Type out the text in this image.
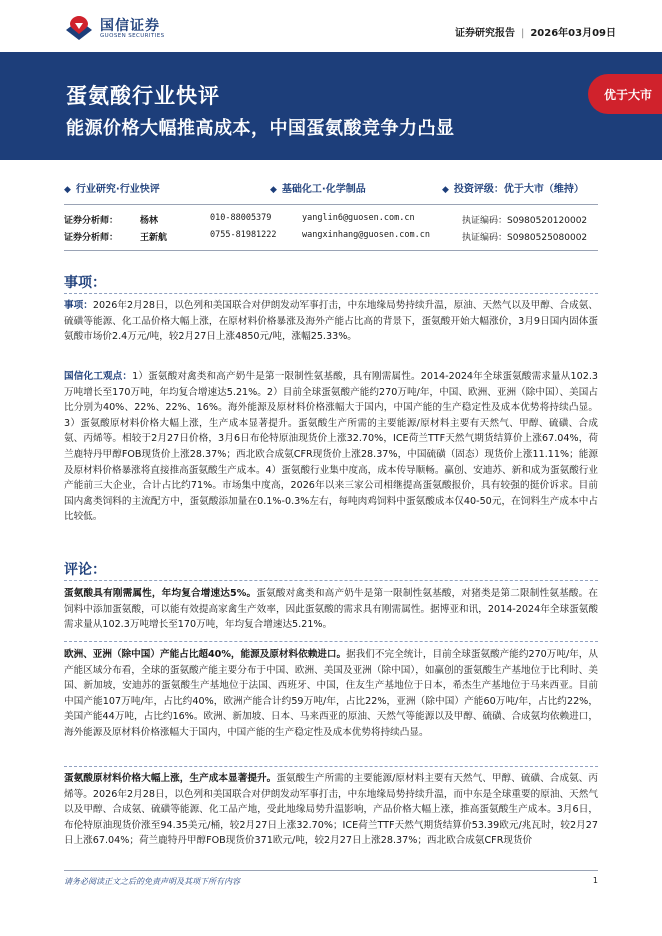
国信证券
GUOSEN SECURITIES	证券研究报告 | 2026年03月09日
蛋氨酸行业快评
能源价格大幅推高成本，中国蛋氨酸竞争力凸显
优于大市
◆ 行业研究·行业快评	◆ 基础化工·化学制品	◆ 投资评级：优于大市（维持）
证券分析师： 杨林	010-88005379	yanglin6@guosen.com.cn	执证编码：S0980520120002
证券分析师： 王新航	0755-81981222	wangxinhang@guosen.com.cn	执证编码：S0980525080002
事项：
事项：2026年2月28日，以色列和美国联合对伊朗发动军事打击，中东地缘局势持续升温，原油、天然气以及甲醇、合成氨、硫磺等能源、化工品价格大幅上涨，在原材料价格暴涨及海外产能占比高的背景下，蛋氨酸开始大幅涨价，3月9日国内固体蛋氨酸市场价2.4万元/吨，较2月27日上涨4850元/吨，涨幅25.33%。
国信化工观点：1）蛋氨酸对禽类和高产奶牛是第一限制性氨基酸，具有刚需属性。2014-2024年全球蛋氨酸需求量从102.3万吨增长至170万吨，年均复合增速达5.21%。2）目前全球蛋氨酸产能约270万吨/年，中国、欧洲、亚洲（除中国）、美国占比分别为40%、22%、22%、16%。海外能源及原材料价格涨幅大于国内，中国产能的生产稳定性及成本优势将持续凸显。3）蛋氨酸原材料价格大幅上涨，生产成本显著提升。蛋氨酸生产所需的主要能源/原材料主要有天然气、甲醇、硫磺、合成氨、丙烯等。相较于2月27日价格，3月6日布伦特原油现货价上涨32.70%，ICE荷兰TTF天然气期货结算价上涨67.04%，荷兰鹿特丹甲醇FOB现货价上涨28.37%；西北欧合成氨CFR现货价上涨28.37%，中国硫磺（固态）现货价上涨11.11%；能源及原材料价格暴涨将直接推高蛋氨酸生产成本。4）蛋氨酸行业集中度高，成本传导顺畅。赢创、安迪苏、新和成为蛋氨酸行业产能前三大企业，合计占比约71%。市场集中度高，2026年以来三家公司相继提高蛋氨酸报价，具有较强的挺价诉求。目前国内禽类饲料的主流配方中，蛋氨酸添加量在0.1%-0.3%左右，每吨肉鸡饲料中蛋氨酸成本仅40-50元，在饲料生产成本中占比较低。
评论：
蛋氨酸具有刚需属性，年均复合增速达5%。蛋氨酸对禽类和高产奶牛是第一限制性氨基酸，对猪类是第二限制性氨基酸。在饲料中添加蛋氨酸，可以能有效提高家禽生产效率，因此蛋氨酸的需求具有刚需属性。据博亚和讯，2014-2024年全球蛋氨酸需求量从102.3万吨增长至170万吨，年均复合增速达5.21%。
欧洲、亚洲（除中国）产能占比超40%，能源及原材料依赖进口。据我们不完全统计，目前全球蛋氨酸产能约270万吨/年，从产能区域分布看，全球的蛋氨酸产能主要分布于中国、欧洲、美国及亚洲（除中国），如赢创的蛋氨酸生产基地位于比利时、美国、新加坡，安迪苏的蛋氨酸生产基地位于法国、西班牙、中国，住友生产基地位于日本，希杰生产基地位于马来西亚。目前中国产能107万吨/年，占比约40%，欧洲产能合计约59万吨/年，占比22%，亚洲（除中国）产能60万吨/年，占比约22%，美国产能44万吨，占比约16%。欧洲、新加坡、日本、马来西亚的原油、天然气等能源以及甲醇、硫磺、合成氨均依赖进口，海外能源及原材料价格涨幅大于国内，中国产能的生产稳定性及成本优势将持续凸显。
蛋氨酸原材料价格大幅上涨，生产成本显著提升。蛋氨酸生产所需的主要能源/原材料主要有天然气、甲醇、硫磺、合成氨、丙烯等。2026年2月28日，以色列和美国联合对伊朗发动军事打击，中东地缘局势持续升温，而中东是全球重要的原油、天然气以及甲醇、合成氨、硫磺等能源、化工品产地，受此地缘局势升温影响，产品价格大幅上涨，推高蛋氨酸生产成本。3月6日，布伦特原油现货价涨至94.35美元/桶，较2月27日上涨32.70%；ICE荷兰TTF天然气期货结算价53.39欧元/兆瓦时，较2月27日上涨67.04%；荷兰鹿特丹甲醇FOB现货价371欧元/吨，较2月27日上涨28.37%；西北欧合成氨CFR现货价
请务必阅读正文之后的免责声明及其项下所有内容	1
